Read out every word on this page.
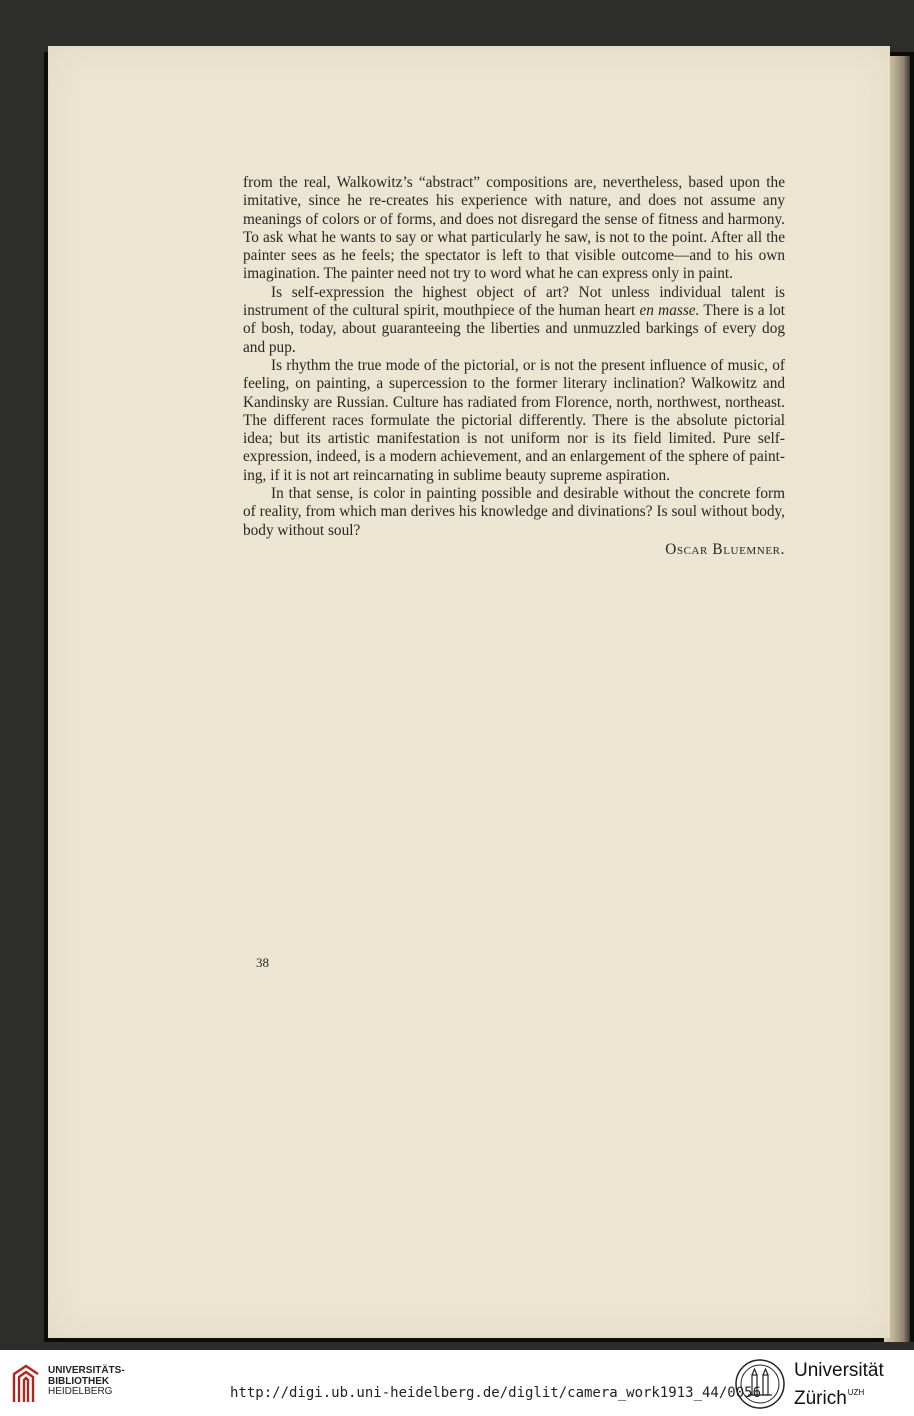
from the real, Walkowitz’s “abstract” compositions are, nevertheless, based upon the imitative, since he re-creates his experience with nature, and does not assume any meanings of colors or of forms, and does not disregard the sense of fitness and harmony. To ask what he wants to say or what particularly he saw, is not to the point. After all the painter sees as he feels; the spectator is left to that visible outcome—and to his own imagination. The painter need not try to word what he can express only in paint.

Is self-expression the highest object of art? Not unless individual talent is instrument of the cultural spirit, mouthpiece of the human heart en masse. There is a lot of bosh, today, about guaranteeing the liberties and unmuzzled barkings of every dog and pup.

Is rhythm the true mode of the pictorial, or is not the present influence of music, of feeling, on painting, a supercession to the former literary inclination? Walkowitz and Kandinsky are Russian. Culture has radiated from Florence, north, northwest, northeast. The different races formulate the pictorial differently. There is the absolute pictorial idea; but its artistic manifestation is not uniform nor is its field limited. Pure self-expression, indeed, is a modern achievement, and an enlargement of the sphere of painting, if it is not art reincarnating in sublime beauty supreme aspiration.

In that sense, is color in painting possible and desirable without the concrete form of reality, from which man derives his knowledge and divinations? Is soul without body, body without soul?

Oscar Bluemner.

38
UNIVERSITÄTS-
BIBLIOTHEK
HEIDELBERG	http://digi.ub.uni-heidelberg.de/diglit/camera_work1913_44/0056
Universität
Zürich$^{UZH}$
